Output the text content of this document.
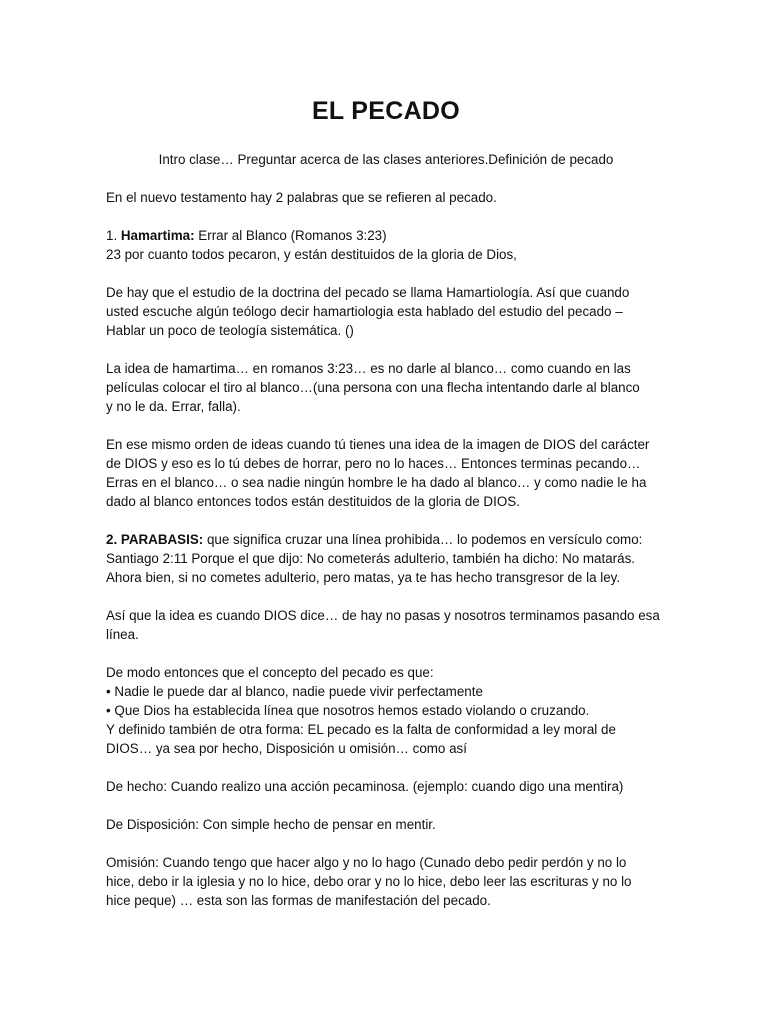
EL PECADO

Intro clase… Preguntar acerca de las clases anteriores.Definición de pecado

En el nuevo testamento hay 2 palabras que se refieren al pecado.

1. Hamartima: Errar al Blanco (Romanos 3:23)
23 por cuanto todos pecaron, y están destituidos de la gloria de Dios,

De hay que el estudio de la doctrina del pecado se llama Hamartiología. Así que cuando
usted escuche algún teólogo decir hamartiologia esta hablado del estudio del pecado –
Hablar un poco de teología sistemática. ()

La idea de hamartima… en romanos 3:23… es no darle al blanco… como cuando en las
películas colocar el tiro al blanco…(una persona con una flecha intentando darle al blanco
y no le da. Errar, falla).

En ese mismo orden de ideas cuando tú tienes una idea de la imagen de DIOS del carácter
de DIOS y eso es lo tú debes de horrar, pero no lo haces… Entonces terminas pecando…
Erras en el blanco… o sea nadie ningún hombre le ha dado al blanco… y como nadie le ha
dado al blanco entonces todos están destituidos de la gloria de DIOS.

2. PARABASIS: que significa cruzar una línea prohibida… lo podemos en versículo como:
Santiago 2:11 Porque el que dijo: No cometerás adulterio, también ha dicho: No matarás.
Ahora bien, si no cometes adulterio, pero matas, ya te has hecho transgresor de la ley.

Así que la idea es cuando DIOS dice… de hay no pasas y nosotros terminamos pasando esa
línea.

De modo entonces que el concepto del pecado es que:
• Nadie le puede dar al blanco, nadie puede vivir perfectamente
• Que Dios ha establecida línea que nosotros hemos estado violando o cruzando.
Y definido también de otra forma: EL pecado es la falta de conformidad a ley moral de
DIOS… ya sea por hecho, Disposición u omisión… como así

De hecho: Cuando realizo una acción pecaminosa. (ejemplo: cuando digo una mentira)

De Disposición: Con simple hecho de pensar en mentir.

Omisión: Cuando tengo que hacer algo y no lo hago (Cunado debo pedir perdón y no lo
hice, debo ir la iglesia y no lo hice, debo orar y no lo hice, debo leer las escrituras y no lo
hice peque) … esta son las formas de manifestación del pecado.
